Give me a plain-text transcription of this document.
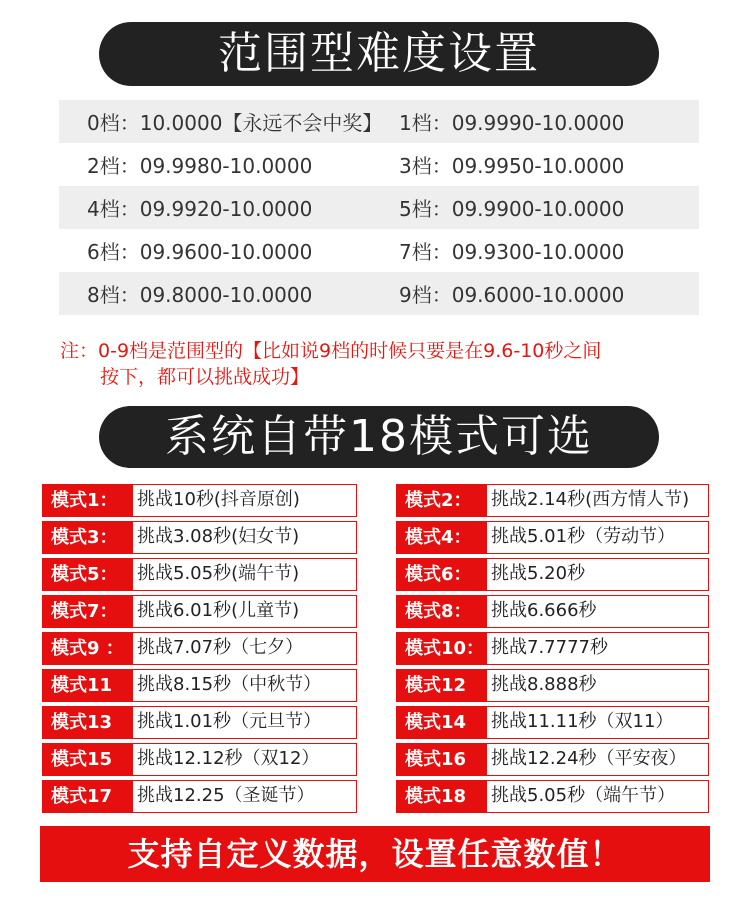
范围型难度设置
0档：10.0000【永远不会中奖】 1档：09.9990-10.0000
2档：09.9980-10.0000	3档：09.9950-10.0000
4档：09.9920-10.0000	5档：09.9900-10.0000
6档：09.9600-10.0000	7档：09.9300-10.0000
8档：09.8000-10.0000	9档：09.6000-10.0000
注：0-9档是范围型的【比如说9档的时候只要是在9.6-10秒之间
按下，都可以挑战成功】
系统自带18模式可选
模式1：	挑战10秒(抖音原创)	模式2：	挑战2.14秒(西方情人节)
模式3：	挑战3.08秒(妇女节)	模式4：	挑战5.01秒（劳动节）
模式5：	挑战5.05秒(端午节)	模式6：	挑战5.20秒
模式7：	挑战6.01秒(儿童节)	模式8：	挑战6.666秒
模式9 ： 挑战7.07秒（七夕）	模式10： 挑战7.7777秒
模式11	挑战8.15秒（中秋节）	模式12	挑战8.888秒
模式13	挑战1.01秒（元旦节）	模式14	挑战11.11秒（双11）
模式15	挑战12.12秒（双12）	模式16	挑战12.24秒（平安夜）
模式17	挑战12.25（圣诞节）	模式18	挑战5.05秒（端午节）
支持自定义数据，设置任意数值！
